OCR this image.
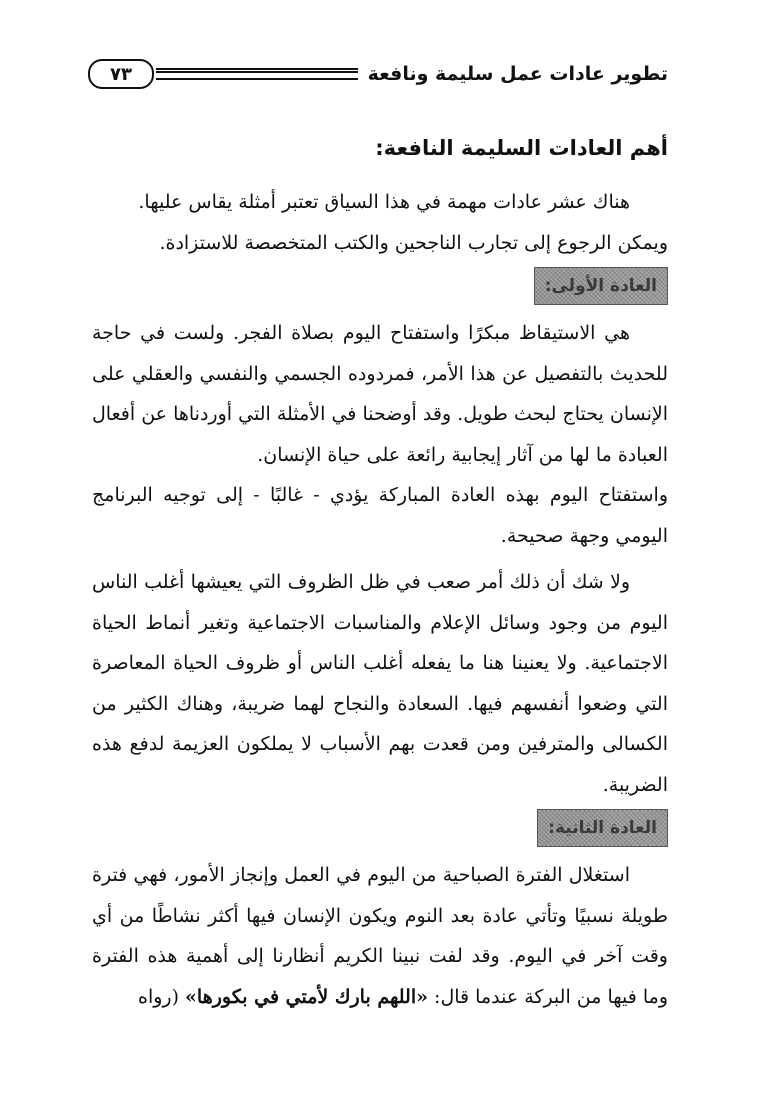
تطوير عادات عمل سليمة ونافعة
٧٣
أهم العادات السليمة النافعة:

هناك عشر عادات مهمة في هذا السياق تعتبر أمثلة يقاس عليها.

ويمكن الرجوع إلى تجارب الناجحين والكتب المتخصصة للاستزادة.

العادة الأولى:

هي الاستيقاظ مبكرًا واستفتاح اليوم بصلاة الفجر. ولست في حاجة للحديث بالتفصيل عن هذا الأمر، فمردوده الجسمي والنفسي والعقلي على الإنسان يحتاج لبحث طويل. وقد أوضحنا في الأمثلة التي أوردناها عن أفعال العبادة ما لها من آثار إيجابية رائعة على حياة الإنسان.

واستفتاح اليوم بهذه العادة المباركة يؤدي - غالبًا - إلى توجيه البرنامج اليومي وجهة صحيحة.

ولا شك أن ذلك أمر صعب في ظل الظروف التي يعيشها أغلب الناس اليوم من وجود وسائل الإعلام والمناسبات الاجتماعية وتغير أنماط الحياة الاجتماعية. ولا يعنينا هنا ما يفعله أغلب الناس أو ظروف الحياة المعاصرة التي وضعوا أنفسهم فيها. السعادة والنجاح لهما ضريبة، وهناك الكثير من الكسالى والمترفين ومن قعدت بهم الأسباب لا يملكون العزيمة لدفع هذه الضريبة.

العادة الثانية:

استغلال الفترة الصباحية من اليوم في العمل وإنجاز الأمور، فهي فترة طويلة نسبيًا وتأتي عادة بعد النوم ويكون الإنسان فيها أكثر نشاطًا من أي وقت آخر في اليوم. وقد لفت نبينا الكريم أنظارنا إلى أهمية هذه الفترة وما فيها من البركة عندما قال: «اللهم بارك لأمتي في بكورها» (رواه
